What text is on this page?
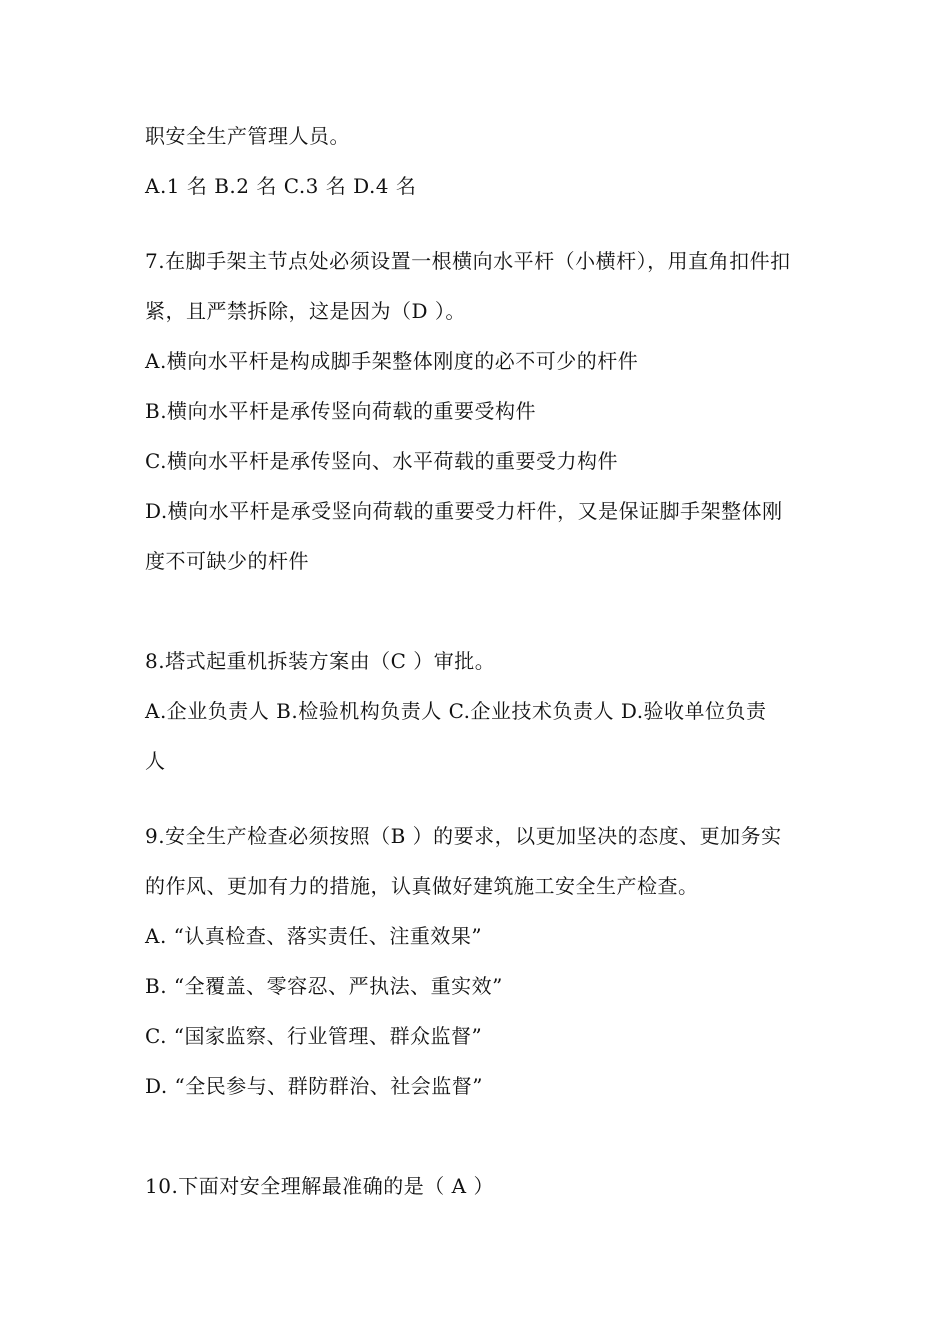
职安全生产管理人员。
A.1 名 B.2 名 C.3 名 D.4 名
7.在脚手架主节点处必须设置一根横向水平杆（小横杆），用直角扣件扣
紧，且严禁拆除，这是因为（D ）。
A.横向水平杆是构成脚手架整体刚度的必不可少的杆件
B.横向水平杆是承传竖向荷载的重要受构件
C.横向水平杆是承传竖向、水平荷载的重要受力构件
D.横向水平杆是承受竖向荷载的重要受力杆件，又是保证脚手架整体刚
度不可缺少的杆件
8.塔式起重机拆装方案由（C ）审批。
A.企业负责人 B.检验机构负责人 C.企业技术负责人 D.验收单位负责
人
9.安全生产检查必须按照（B ）的要求，以更加坚决的态度、更加务实
的作风、更加有力的措施，认真做好建筑施工安全生产检查。
A. “认真检查、落实责任、注重效果”
B. “全覆盖、零容忍、严执法、重实效”
C. “国家监察、行业管理、群众监督”
D. “全民参与、群防群治、社会监督”
10.下面对安全理解最准确的是（ A ）
